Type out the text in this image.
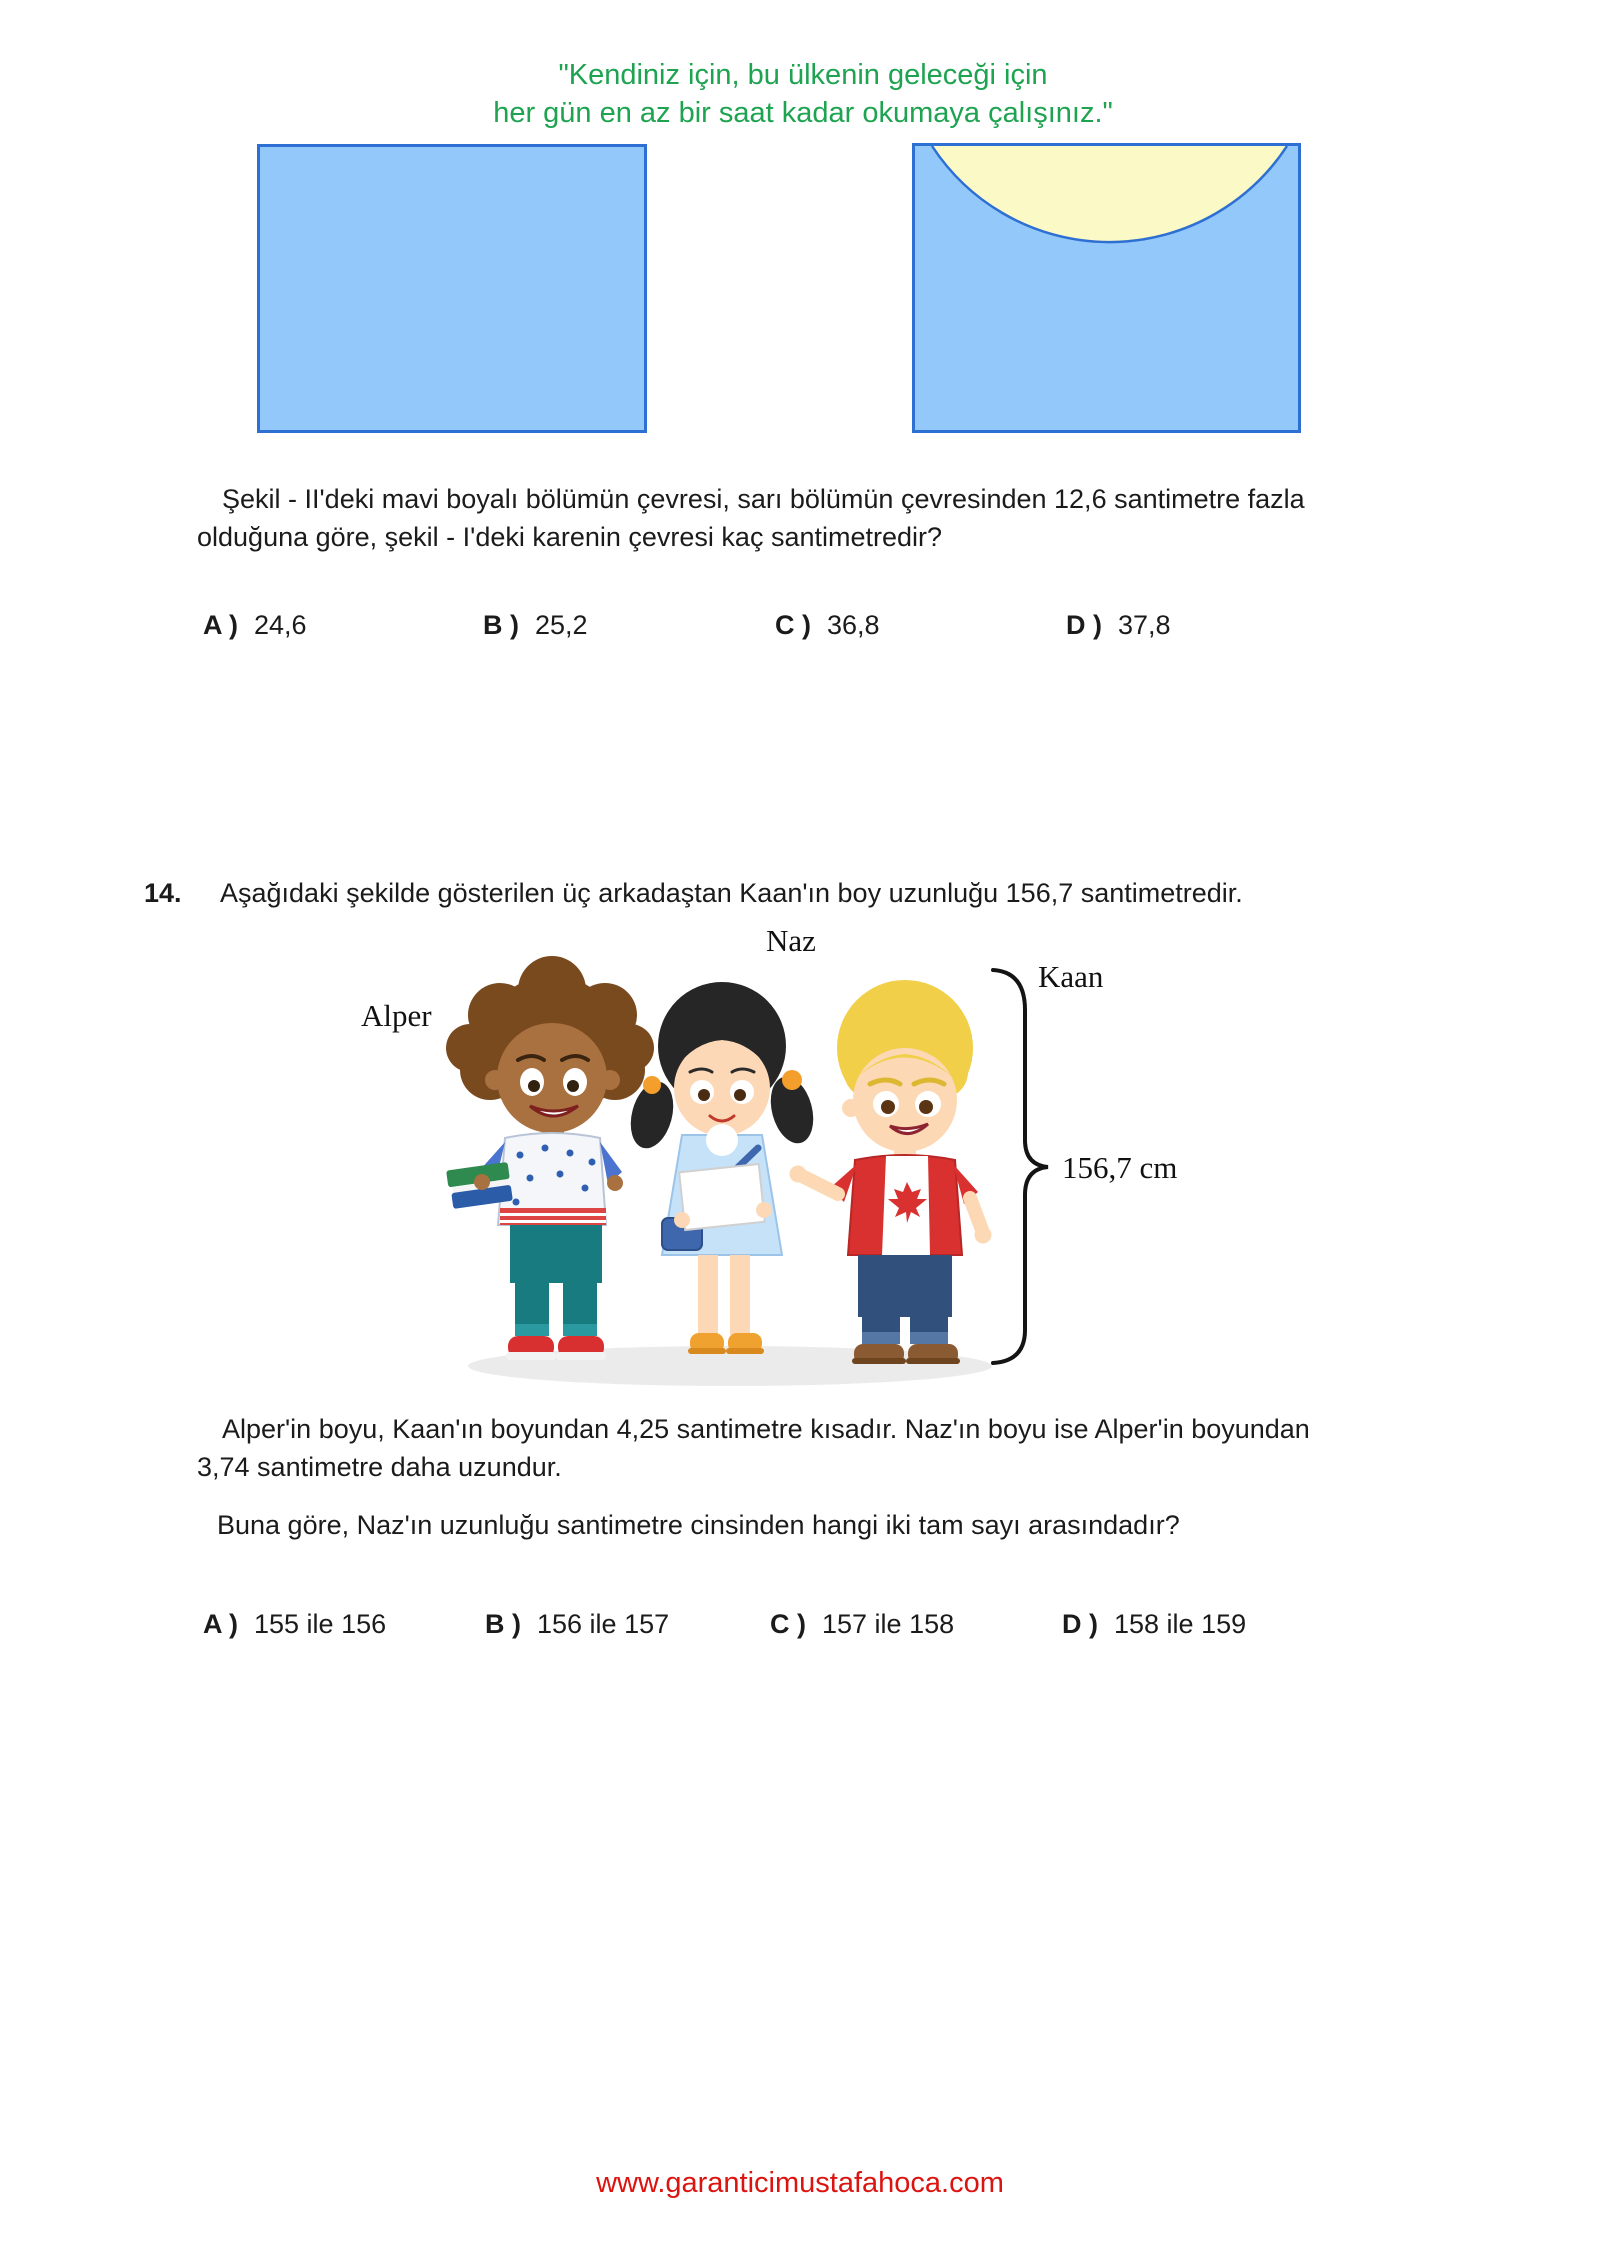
"Kendiniz için, bu ülkenin geleceği için
her gün en az bir saat kadar okumaya çalışınız."
Şekil - II'deki mavi boyalı bölümün çevresi, sarı bölümün çevresinden 12,6 santimetre fazla
olduğuna göre, şekil - I'deki karenin çevresi kaç santimetredir?
A ) 24,6	B ) 25,2	C ) 36,8	D ) 37,8
14. Aşağıdaki şekilde gösterilen üç arkadaştan Kaan'ın boy uzunluğu 156,7 santimetredir.
Naz
Alper
Kaan
156,7 cm
Alper'in boyu, Kaan'ın boyundan 4,25 santimetre kısadır. Naz'ın boyu ise Alper'in boyundan
3,74 santimetre daha uzundur.
Buna göre, Naz'ın uzunluğu santimetre cinsinden hangi iki tam sayı arasındadır?
A ) 155 ile 156	B ) 156 ile 157	C ) 157 ile 158	D ) 158 ile 159
www.garanticimustafahoca.com
